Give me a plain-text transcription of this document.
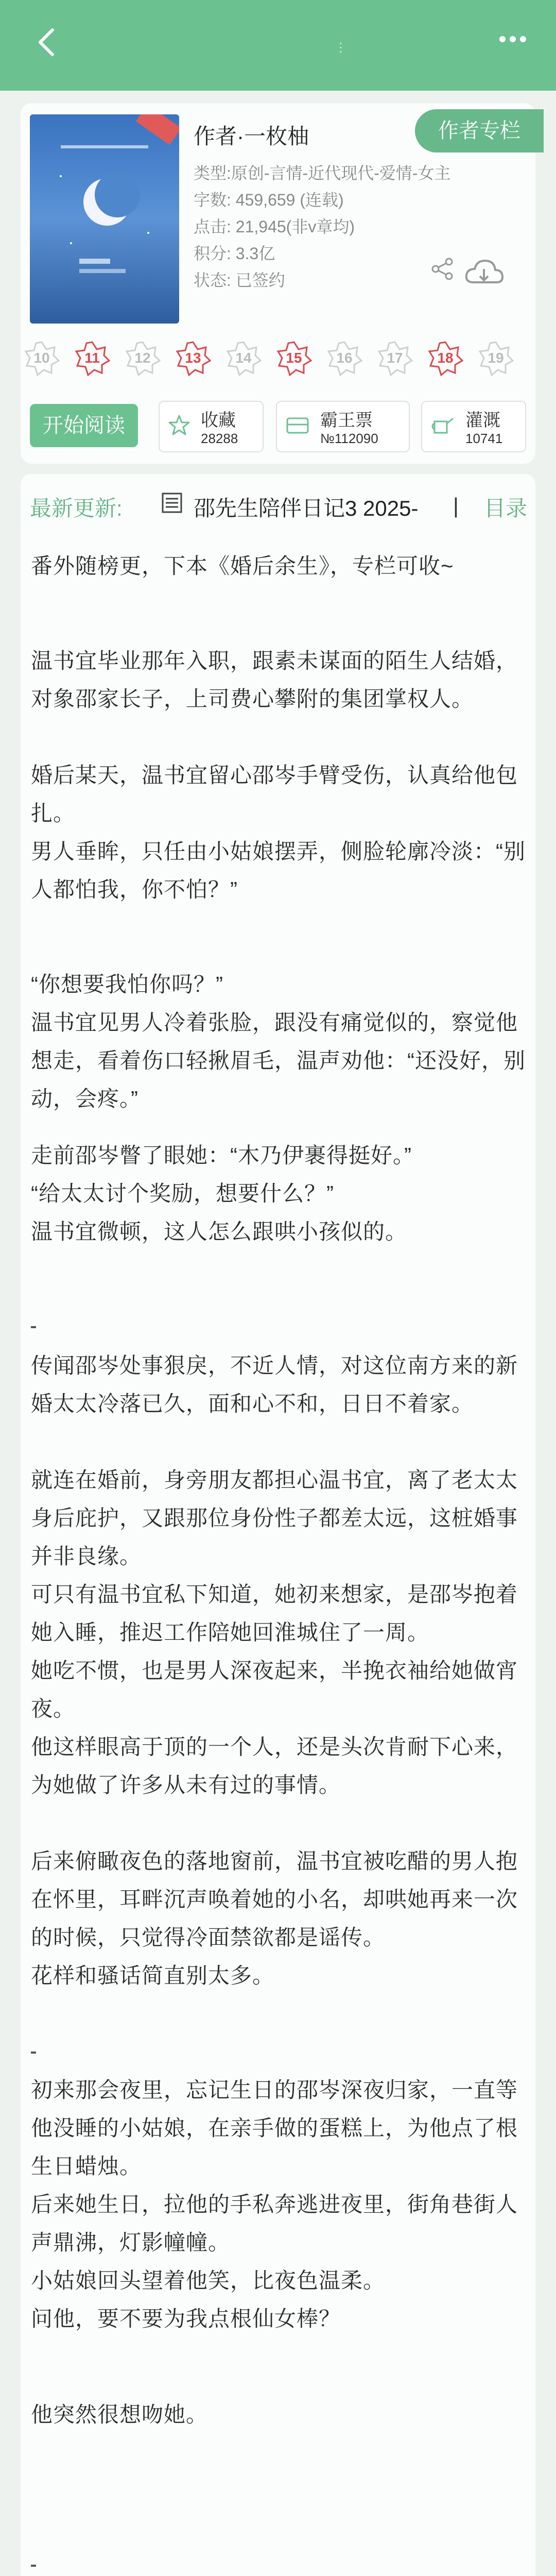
⋮
作者·一枚柚
类型:原创-言情-近代现代-爱情-女主
字数: 459,659 (连载)
点击: 21,945(非v章均)
积分: 3.3亿
状态: 已签约
作者专栏
10	11	12	13	14	15	16	17	18	19
开始阅读	收藏
28288
霸王票
№112090
灌溉
10741
最新更新:	邵先生陪伴日记3 2025-	| 目录
番外随榜更，下本《婚后余生》，专栏可收~
温书宜毕业那年入职，跟素未谋面的陌生人结婚，对象邵家长子，上司费心攀附的集团掌权人。
婚后某天，温书宜留心邵岑手臂受伤，认真给他包扎。
男人垂眸，只任由小姑娘摆弄，侧脸轮廓冷淡：“别人都怕我，你不怕？”
“你想要我怕你吗？”
温书宜见男人冷着张脸，跟没有痛觉似的，察觉他想走，看着伤口轻揪眉毛，温声劝他：“还没好，别动，会疼。”
走前邵岑瞥了眼她：“木乃伊裹得挺好。”
“给太太讨个奖励，想要什么？”
温书宜微顿，这人怎么跟哄小孩似的。
传闻邵岑处事狠戾，不近人情，对这位南方来的新婚太太冷落已久，面和心不和，日日不着家。
就连在婚前，身旁朋友都担心温书宜，离了老太太身后庇护，又跟那位身份性子都差太远，这桩婚事并非良缘。
可只有温书宜私下知道，她初来想家，是邵岑抱着她入睡，推迟工作陪她回淮城住了一周。
她吃不惯，也是男人深夜起来，半挽衣袖给她做宵夜。
他这样眼高于顶的一个人，还是头次肯耐下心来，为她做了许多从未有过的事情。
后来俯瞰夜色的落地窗前，温书宜被吃醋的男人抱在怀里，耳畔沉声唤着她的小名，却哄她再来一次的时候，只觉得冷面禁欲都是谣传。
花样和骚话简直别太多。
初来那会夜里，忘记生日的邵岑深夜归家，一直等他没睡的小姑娘，在亲手做的蛋糕上，为他点了根生日蜡烛。
后来她生日，拉他的手私奔逃进夜里，街角巷街人声鼎沸，灯影幢幢。
小姑娘回头望着他笑，比夜色温柔。
问他，要不要为我点根仙女棒？
他突然很想吻她。
